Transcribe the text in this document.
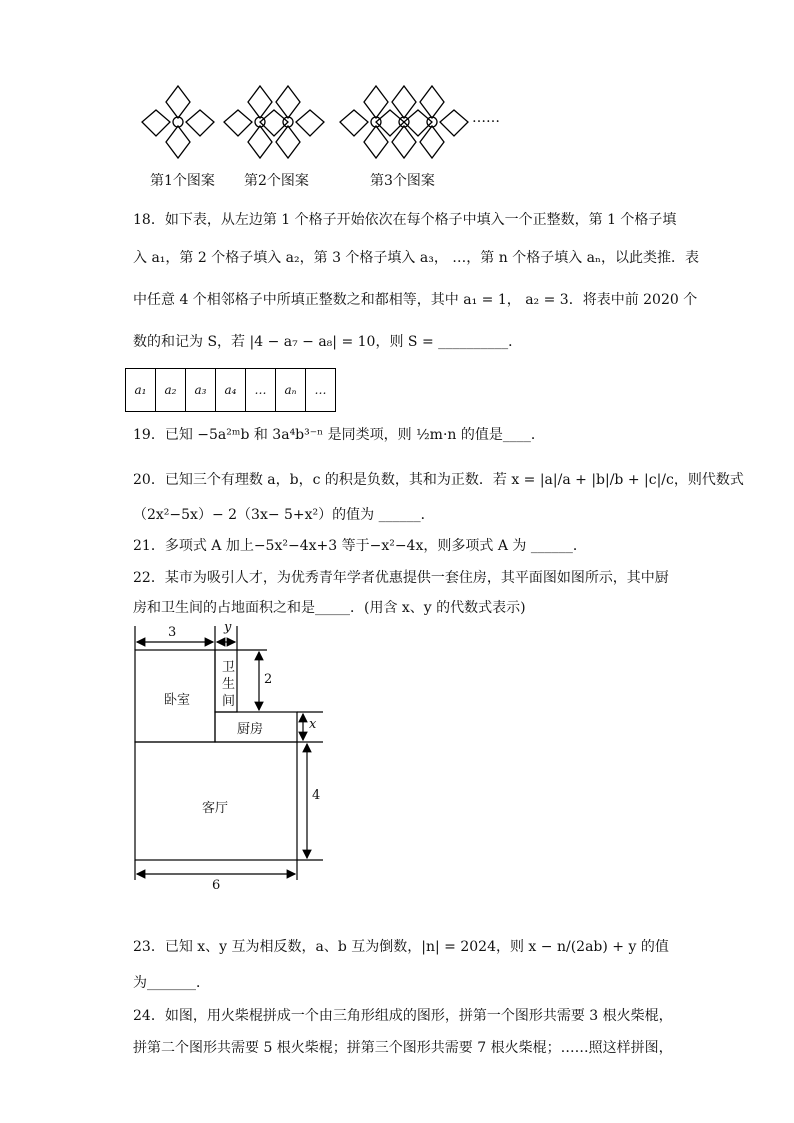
……
第1个图案 第2个图案	第3个图案
18．如下表，从左边第 1 个格子开始依次在每个格子中填入一个正整数，第 1 个格子填
入 a₁，第 2 个格子填入 a₂，第 3 个格子填入 a₃， …，第 n 个格子填入 aₙ，以此类推．表
中任意 4 个相邻格子中所填正整数之和都相等，其中 a₁ = 1， a₂ = 3．将表中前 2020 个
数的和记为 S，若 |4 − a₇ − a₈| = 10，则 S = __________．
a₁	a₂	a₃	a₄	…	aₙ	…
19．已知 −5a²ᵐb 和 3a⁴b³⁻ⁿ 是同类项，则 ½m·n 的值是____．
20．已知三个有理数 a，b，c 的积是负数，其和为正数．若 x = |a|/a + |b|/b + |c|/c，则代数式
（2x²−5x）− 2（3x− 5+x²）的值为 ______．
21．多项式 A 加上−5x²−4x+3 等于−x²−4x，则多项式 A 为 ______．
22．某市为吸引人才，为优秀青年学者优惠提供一套住房，其平面图如图所示，其中厨
房和卫生间的占地面积之和是_____．(用含 x、y 的代数式表示)
3	y
卧室
卫
生
间
2
厨房	x
客厅
4
6
23．已知 x、y 互为相反数，a、b 互为倒数，|n| = 2024，则 x − n/(2ab) + y 的值
为_______．
24．如图，用火柴棍拼成一个由三角形组成的图形，拼第一个图形共需要 3 根火柴棍，
拼第二个图形共需要 5 根火柴棍；拼第三个图形共需要 7 根火柴棍；……照这样拼图，
